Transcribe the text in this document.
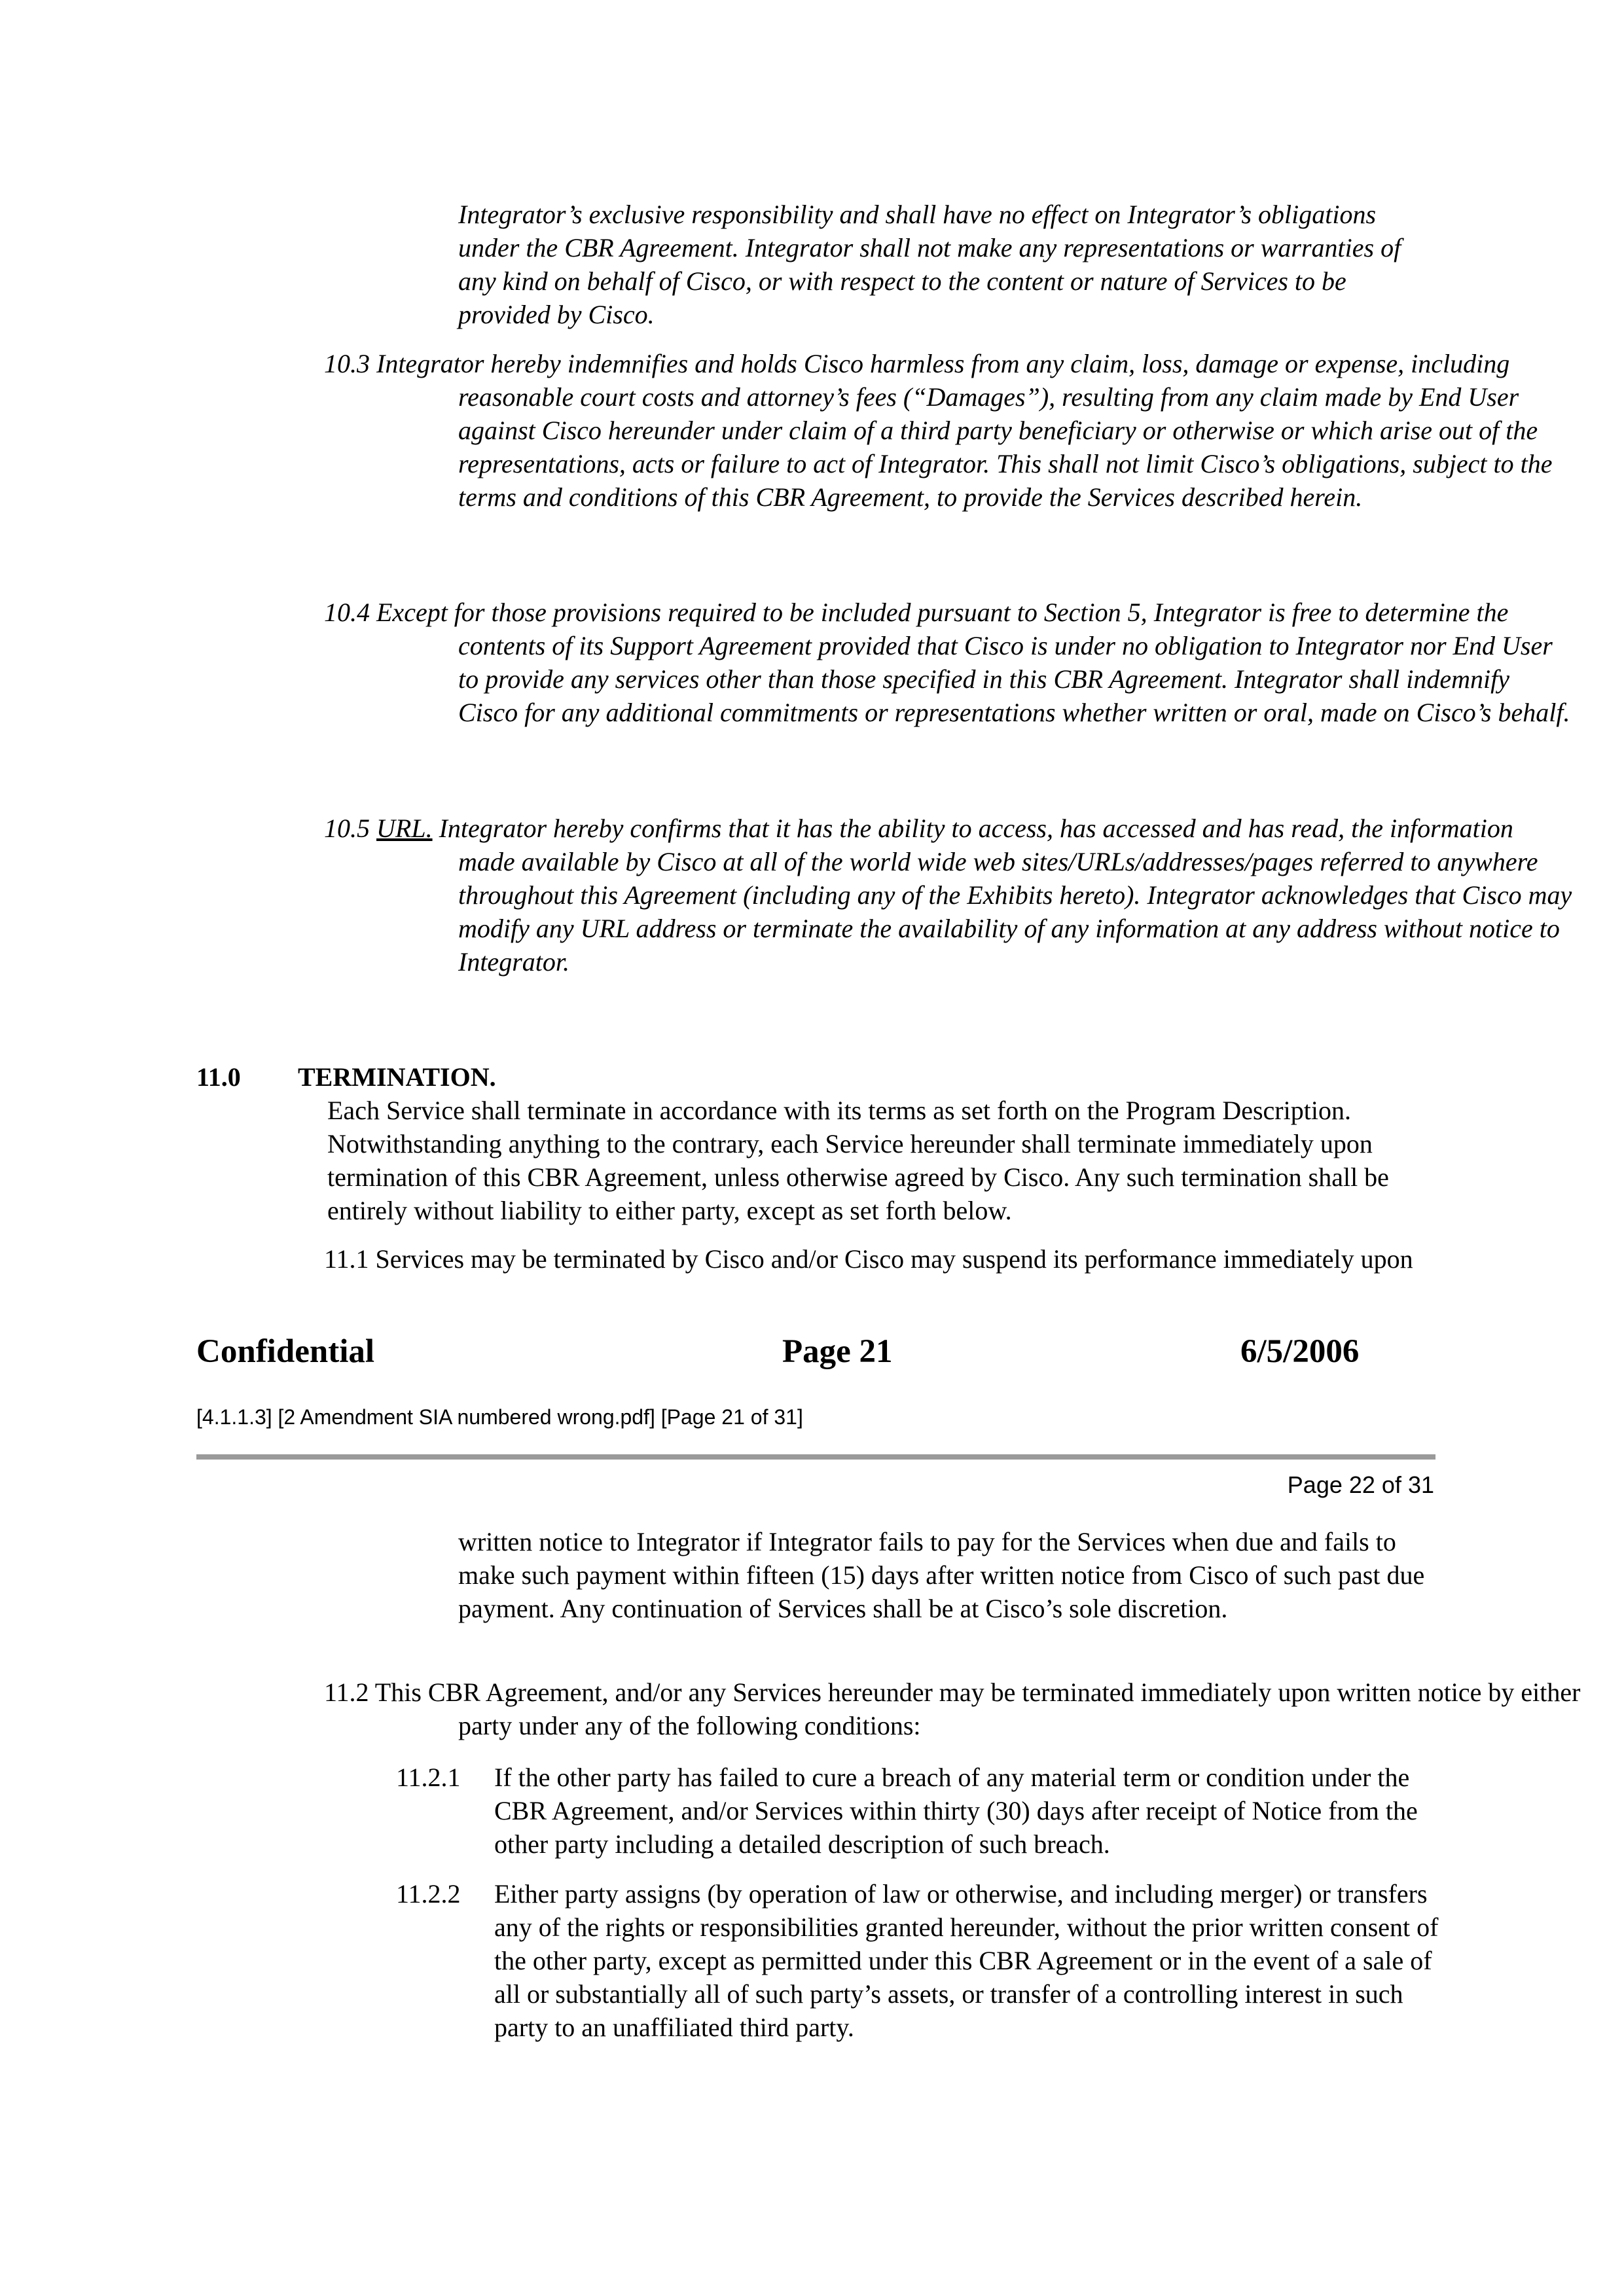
Integrator’s exclusive responsibility and shall have no effect on Integrator’s obligations under the CBR Agreement. Integrator shall not make any representations or warranties of any kind on behalf of Cisco, or with respect to the content or nature of Services to be provided by Cisco.

10.3 Integrator hereby indemnifies and holds Cisco harmless from any claim, loss, damage or expense, including reasonable court costs and attorney’s fees (“Damages”), resulting from any claim made by End User against Cisco hereunder under claim of a third party beneficiary or otherwise or which arise out of the representations, acts or failure to act of Integrator. This shall not limit Cisco’s obligations, subject to the terms and conditions of this CBR Agreement, to provide the Services described herein.

10.4 Except for those provisions required to be included pursuant to Section 5, Integrator is free to determine the contents of its Support Agreement provided that Cisco is under no obligation to Integrator nor End User to provide any services other than those specified in this CBR Agreement. Integrator shall indemnify Cisco for any additional commitments or representations whether written or oral, made on Cisco’s behalf.

10.5 URL. Integrator hereby confirms that it has the ability to access, has accessed and has read, the information made available by Cisco at all of the world wide web sites/URLs/addresses/pages referred to anywhere throughout this Agreement (including any of the Exhibits hereto). Integrator acknowledges that Cisco may modify any URL address or terminate the availability of any information at any address without notice to Integrator.

11.0 TERMINATION.

Each Service shall terminate in accordance with its terms as set forth on the Program Description. Notwithstanding anything to the contrary, each Service hereunder shall terminate immediately upon termination of this CBR Agreement, unless otherwise agreed by Cisco. Any such termination shall be entirely without liability to either party, except as set forth below.

11.1 Services may be terminated by Cisco and/or Cisco may suspend its performance immediately upon

Confidential	Page 21	6/5/2006
[4.1.1.3] [2 Amendment SIA numbered wrong.pdf] [Page 21 of 31]
Page 22 of 31

written notice to Integrator if Integrator fails to pay for the Services when due and fails to make such payment within fifteen (15) days after written notice from Cisco of such past due payment. Any continuation of Services shall be at Cisco’s sole discretion.

11.2 This CBR Agreement, and/or any Services hereunder may be terminated immediately upon written notice by either party under any of the following conditions:

11.2.1 If the other party has failed to cure a breach of any material term or condition under the CBR Agreement, and/or Services within thirty (30) days after receipt of Notice from the other party including a detailed description of such breach.

11.2.2 Either party assigns (by operation of law or otherwise, and including merger) or transfers any of the rights or responsibilities granted hereunder, without the prior written consent of the other party, except as permitted under this CBR Agreement or in the event of a sale of all or substantially all of such party’s assets, or transfer of a controlling interest in such party to an unaffiliated third party.
